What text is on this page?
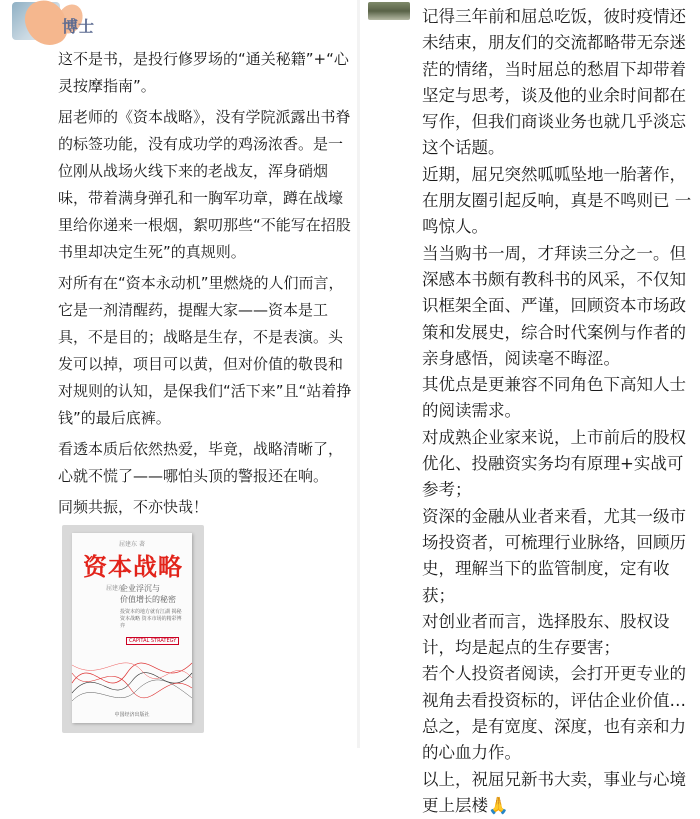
博士

这不是书，是投行修罗场的“通关秘籍”+“心灵按摩指南”。

屈老师的《资本战略》，没有学院派露出书脊的标签功能，没有成功学的鸡汤浓香。是一位刚从战场火线下来的老战友，浑身硝烟味，带着满身弹孔和一胸军功章，蹲在战壕里给你递来一根烟，絮叨那些“不能写在招股书里却决定生死”的真规则。

对所有在“资本永动机”里燃烧的人们而言，它是一剂清醒药，提醒大家——资本是工具，不是目的；战略是生存，不是表演。头发可以掉，项目可以黄，但对价值的敬畏和对规则的认知，是保我们“活下来”且“站着挣钱”的最后底裤。

看透本质后依然热爱，毕竟，战略清晰了，心就不慌了——哪怕头顶的警报还在响。

同频共振，不亦快哉！

屈建东 著
资本战略
屈建东
企业浮沉与
价值增长的秘密
投资本的地方就有江湖 揭秘资本战略 资本市场的精彩博弈
CAPITAL STRATEGY
中国经济出版社

记得三年前和屈总吃饭，彼时疫情还未结束，朋友们的交流都略带无奈迷茫的情绪，当时屈总的愁眉下却带着坚定与思考，谈及他的业余时间都在写作，但我们商谈业务也就几乎淡忘这个话题。

近期，屈兄突然呱呱坠地一胎著作，在朋友圈引起反响，真是不鸣则已 一鸣惊人。

当当购书一周，才拜读三分之一。但深感本书颇有教科书的风采，不仅知识框架全面、严谨，回顾资本市场政策和发展史，综合时代案例与作者的亲身感悟，阅读毫不晦涩。

其优点是更兼容不同角色下高知人士的阅读需求。

对成熟企业家来说，上市前后的股权优化、投融资实务均有原理+实战可参考；

资深的金融从业者来看，尤其一级市场投资者，可梳理行业脉络，回顾历史，理解当下的监管制度，定有收获；

对创业者而言，选择股东、股权设计，均是起点的生存要害；

若个人投资者阅读，会打开更专业的视角去看投资标的，评估企业价值…

总之，是有宽度、深度，也有亲和力的心血力作。

以上，祝屈兄新书大卖，事业与心境更上层楼🙏
